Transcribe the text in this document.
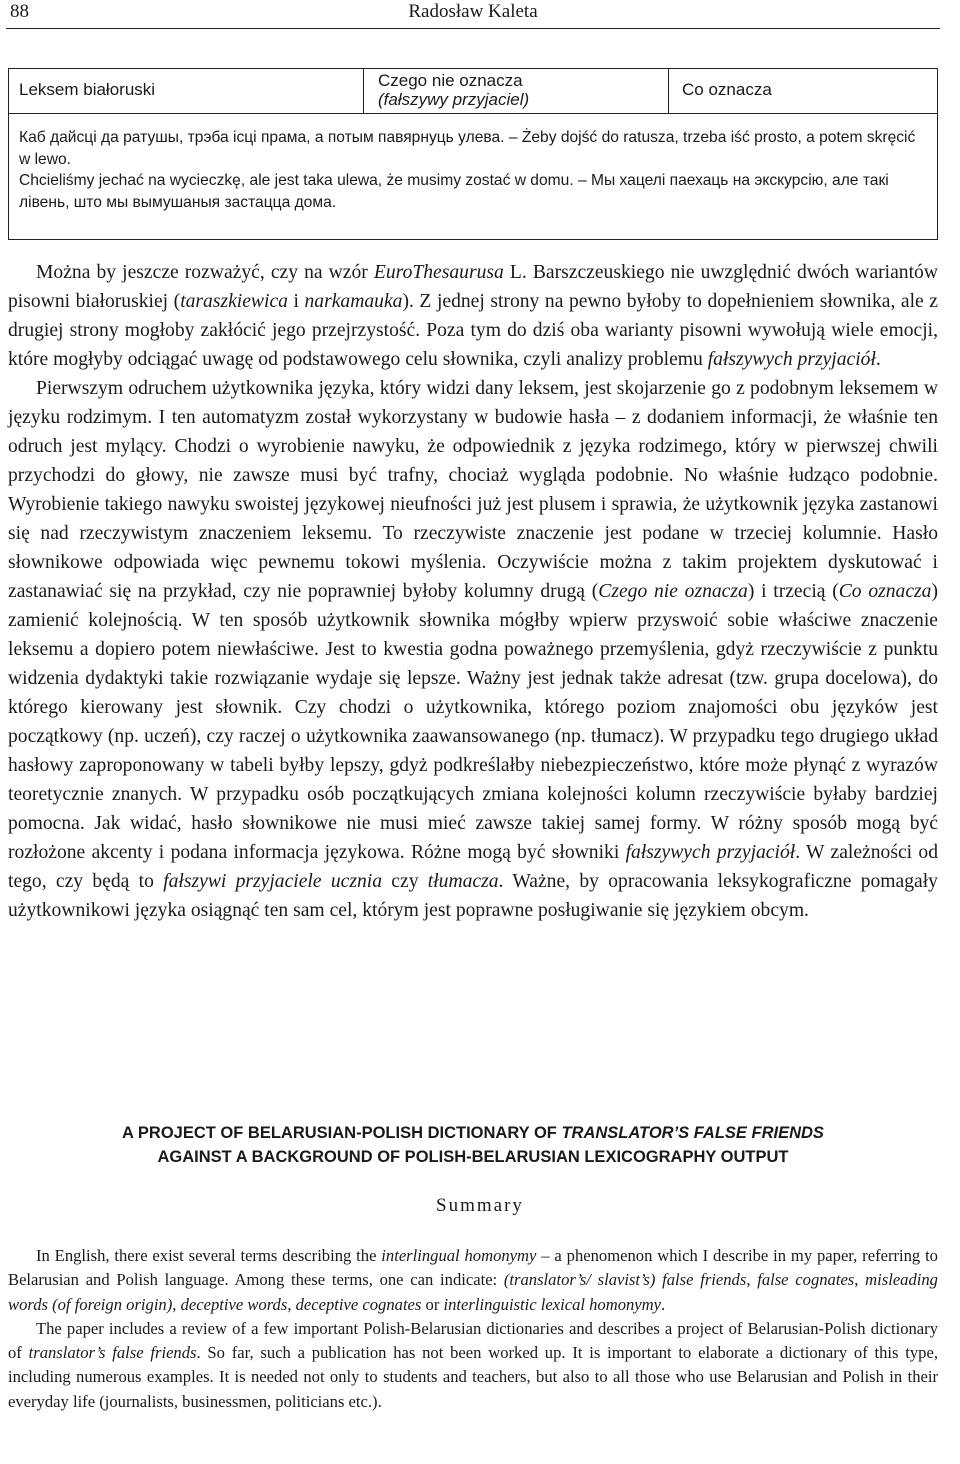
88	Radosław Kaleta
Leksem białoruski	Czego nie oznacza
(fałszywy przyjaciel)
Co oznacza

Каб дайсці да ратушы, трэба ісці прама, а потым павярнуць улева. – Żeby dojść do ratusza, trzeba iść prosto, a potem skręcić w lewo.

Chcieliśmy jechać na wycieczkę, ale jest taka ulewa, że musimy zostać w domu. – Мы хацелі паехаць на экскурсію, але такі лівень, што мы вымушаныя застацца дома.

Można by jeszcze rozważyć, czy na wzór EuroThesaurusa L. Barszczeuskiego nie uwzględnić dwóch wariantów pisowni białoruskiej (taraszkiewica i narkamauka). Z jednej strony na pewno byłoby to dopełnieniem słownika, ale z drugiej strony mogłoby zakłócić jego przejrzystość. Poza tym do dziś oba warianty pisowni wywołują wiele emocji, które mogłyby odciągać uwagę od podstawowego celu słownika, czyli analizy problemu fałszywych przyjaciół.

Pierwszym odruchem użytkownika języka, który widzi dany leksem, jest skojarzenie go z podobnym leksemem w języku rodzimym. I ten automatyzm został wykorzystany w budowie hasła – z dodaniem informacji, że właśnie ten odruch jest mylący. Chodzi o wyrobienie nawyku, że odpowiednik z języka rodzimego, który w pierwszej chwili przychodzi do głowy, nie zawsze musi być trafny, chociaż wygląda podobnie. No właśnie łudząco podobnie. Wyrobienie takiego nawyku swoistej językowej nieufności już jest plusem i sprawia, że użytkownik języka zastanowi się nad rzeczywistym znaczeniem leksemu. To rzeczywiste znaczenie jest podane w trzeciej kolumnie. Hasło słownikowe odpowiada więc pewnemu tokowi myślenia. Oczywiście można z takim projektem dyskutować i zastanawiać się na przykład, czy nie poprawniej byłoby kolumny drugą (Czego nie oznacza) i trzecią (Co oznacza) zamienić kolejnością. W ten sposób użytkownik słownika mógłby wpierw przyswoić sobie właściwe znaczenie leksemu a dopiero potem niewłaściwe. Jest to kwestia godna poważnego przemyślenia, gdyż rzeczywiście z punktu widzenia dydaktyki takie rozwiązanie wydaje się lepsze. Ważny jest jednak także adresat (tzw. grupa docelowa), do którego kierowany jest słownik. Czy chodzi o użytkownika, którego poziom znajomości obu języków jest początkowy (np. uczeń), czy raczej o użytkownika zaawansowanego (np. tłumacz). W przypadku tego drugiego układ hasłowy zaproponowany w tabeli byłby lepszy, gdyż podkreślałby niebezpieczeństwo, które może płynąć z wyrazów teoretycznie znanych. W przypadku osób początkujących zmiana kolejności kolumn rzeczywiście byłaby bardziej pomocna. Jak widać, hasło słownikowe nie musi mieć zawsze takiej samej formy. W różny sposób mogą być rozłożone akcenty i podana informacja językowa. Różne mogą być słowniki fałszywych przyjaciół. W zależności od tego, czy będą to fałszywi przyjaciele ucznia czy tłumacza. Ważne, by opracowania leksykograficzne pomagały użytkownikowi języka osiągnąć ten sam cel, którym jest poprawne posługiwanie się językiem obcym.

A PROJECT OF BELARUSIAN-POLISH DICTIONARY OF TRANSLATOR’S FALSE FRIENDS
AGAINST A BACKGROUND OF POLISH-BELARUSIAN LEXICOGRAPHY OUTPUT
Summary

In English, there exist several terms describing the interlingual homonymy – a phenomenon which I describe in my paper, referring to Belarusian and Polish language. Among these terms, one can indicate: (translator’s/ slavist’s) false friends, false cognates, misleading words (of foreign origin), deceptive words, deceptive cognates or interlinguistic lexical homonymy.

The paper includes a review of a few important Polish-Belarusian dictionaries and describes a project of Belarusian-Polish dictionary of translator’s false friends. So far, such a publication has not been worked up. It is important to elaborate a dictionary of this type, including numerous examples. It is needed not only to students and teachers, but also to all those who use Belarusian and Polish in their everyday life (journalists, businessmen, politicians etc.).
